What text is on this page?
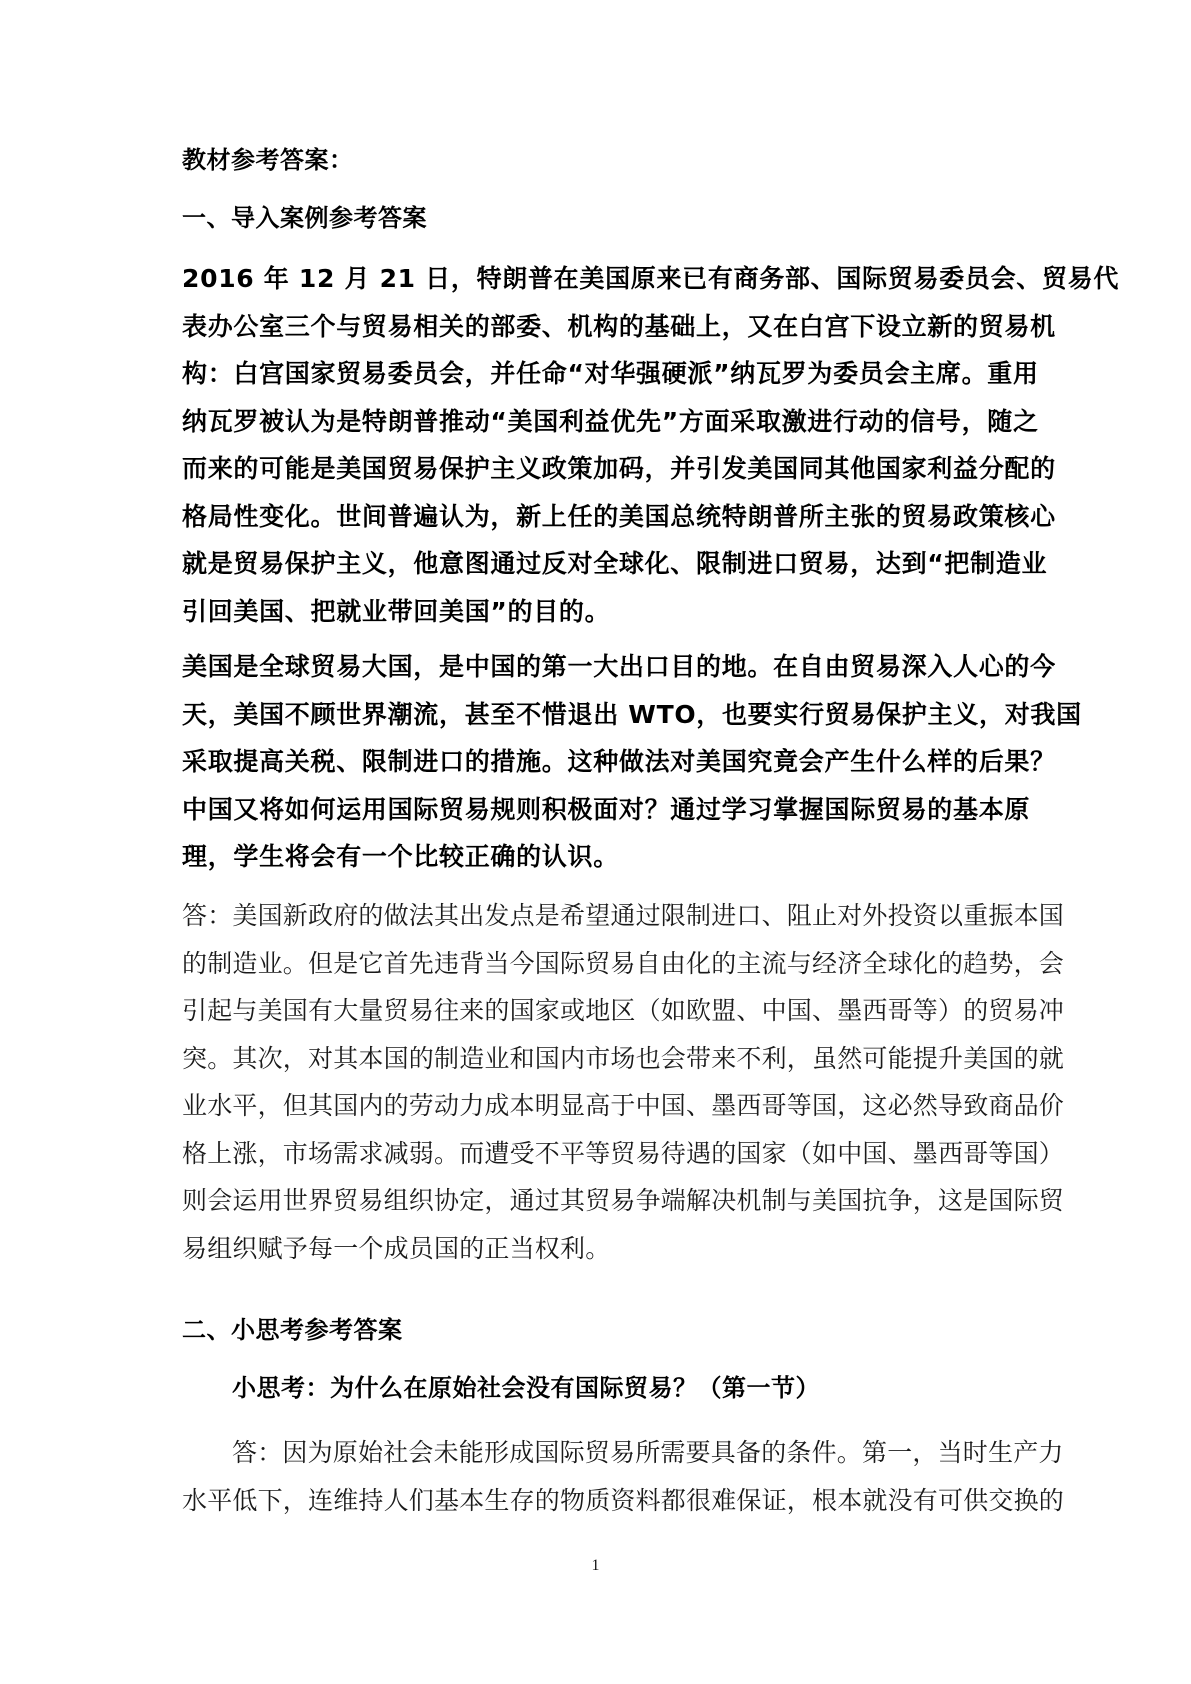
教材参考答案：
一、导入案例参考答案
2016 年 12 月 21 日，特朗普在美国原来已有商务部、国际贸易委员会、贸易代
表办公室三个与贸易相关的部委、机构的基础上，又在白宫下设立新的贸易机
构：白宫国家贸易委员会，并任命“对华强硬派”纳瓦罗为委员会主席。重用
纳瓦罗被认为是特朗普推动“美国利益优先”方面采取激进行动的信号，随之
而来的可能是美国贸易保护主义政策加码，并引发美国同其他国家利益分配的
格局性变化。世间普遍认为，新上任的美国总统特朗普所主张的贸易政策核心
就是贸易保护主义，他意图通过反对全球化、限制进口贸易，达到“把制造业
引回美国、把就业带回美国”的目的。
美国是全球贸易大国，是中国的第一大出口目的地。在自由贸易深入人心的今
天，美国不顾世界潮流，甚至不惜退出 WTO，也要实行贸易保护主义，对我国
采取提高关税、限制进口的措施。这种做法对美国究竟会产生什么样的后果？
中国又将如何运用国际贸易规则积极面对？通过学习掌握国际贸易的基本原
理，学生将会有一个比较正确的认识。
答：美国新政府的做法其出发点是希望通过限制进口、阻止对外投资以重振本国
的制造业。但是它首先违背当今国际贸易自由化的主流与经济全球化的趋势，会
引起与美国有大量贸易往来的国家或地区（如欧盟、中国、墨西哥等）的贸易冲
突。其次，对其本国的制造业和国内市场也会带来不利，虽然可能提升美国的就
业水平，但其国内的劳动力成本明显高于中国、墨西哥等国，这必然导致商品价
格上涨，市场需求减弱。而遭受不平等贸易待遇的国家（如中国、墨西哥等国）
则会运用世界贸易组织协定，通过其贸易争端解决机制与美国抗争，这是国际贸
易组织赋予每一个成员国的正当权利。
二、小思考参考答案
小思考：为什么在原始社会没有国际贸易？（第一节）
答：因为原始社会未能形成国际贸易所需要具备的条件。第一，当时生产力
水平低下，连维持人们基本生存的物质资料都很难保证，根本就没有可供交换的
1
